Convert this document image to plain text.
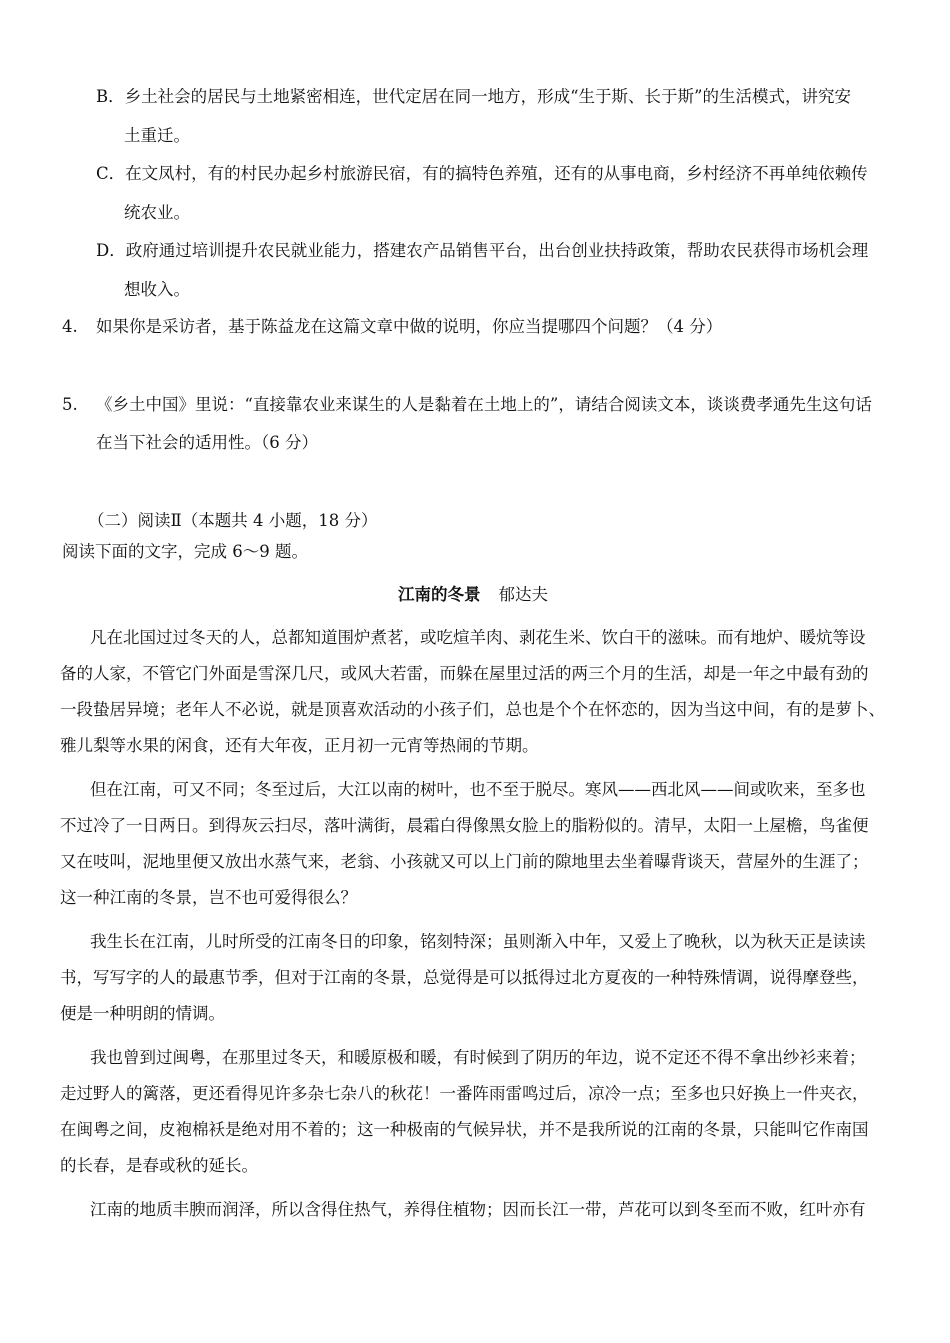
B．乡土社会的居民与土地紧密相连，世代定居在同一地方，形成“生于斯、长于斯”的生活模式，讲究安
土重迁。
C．在文凤村，有的村民办起乡村旅游民宿，有的搞特色养殖，还有的从事电商，乡村经济不再单纯依赖传
统农业。
D．政府通过培训提升农民就业能力，搭建农产品销售平台，出台创业扶持政策，帮助农民获得市场机会理
想收入。
4. 如果你是采访者，基于陈益龙在这篇文章中做的说明，你应当提哪四个问题？（4 分）
5. 《乡土中国》里说：“直接靠农业来谋生的人是黏着在土地上的”，请结合阅读文本，谈谈费孝通先生这句话
在当下社会的适用性。（6 分）
（二）阅读Ⅱ（本题共 4 小题，18 分）
阅读下面的文字，完成 6～9 题。
江南的冬景 郁达夫
凡在北国过过冬天的人，总都知道围炉煮茗，或吃煊羊肉、剥花生米、饮白干的滋味。而有地炉、暖炕等设
备的人家，不管它门外面是雪深几尺，或风大若雷，而躲在屋里过活的两三个月的生活，却是一年之中最有劲的
一段蛰居异境；老年人不必说，就是顶喜欢活动的小孩子们，总也是个个在怀恋的，因为当这中间，有的是萝卜、
雅儿梨等水果的闲食，还有大年夜，正月初一元宵等热闹的节期。
但在江南，可又不同；冬至过后，大江以南的树叶，也不至于脱尽。寒风——西北风——间或吹来，至多也
不过冷了一日两日。到得灰云扫尽，落叶满街，晨霜白得像黑女脸上的脂粉似的。清早，太阳一上屋檐，鸟雀便
又在吱叫，泥地里便又放出水蒸气来，老翁、小孩就又可以上门前的隙地里去坐着曝背谈天，营屋外的生涯了；
这一种江南的冬景，岂不也可爱得很么？
我生长在江南，儿时所受的江南冬日的印象，铭刻特深；虽则渐入中年，又爱上了晚秋，以为秋天正是读读
书，写写字的人的最惠节季，但对于江南的冬景，总觉得是可以抵得过北方夏夜的一种特殊情调，说得摩登些，
便是一种明朗的情调。
我也曾到过闽粤，在那里过冬天，和暖原极和暖，有时候到了阴历的年边，说不定还不得不拿出纱衫来着；
走过野人的篱落，更还看得见许多杂七杂八的秋花！一番阵雨雷鸣过后，凉冷一点；至多也只好换上一件夹衣，
在闽粤之间，皮袍棉袄是绝对用不着的；这一种极南的气候异状，并不是我所说的江南的冬景，只能叫它作南国
的长春，是春或秋的延长。
江南的地质丰腴而润泽，所以含得住热气，养得住植物；因而长江一带，芦花可以到冬至而不败，红叶亦有
